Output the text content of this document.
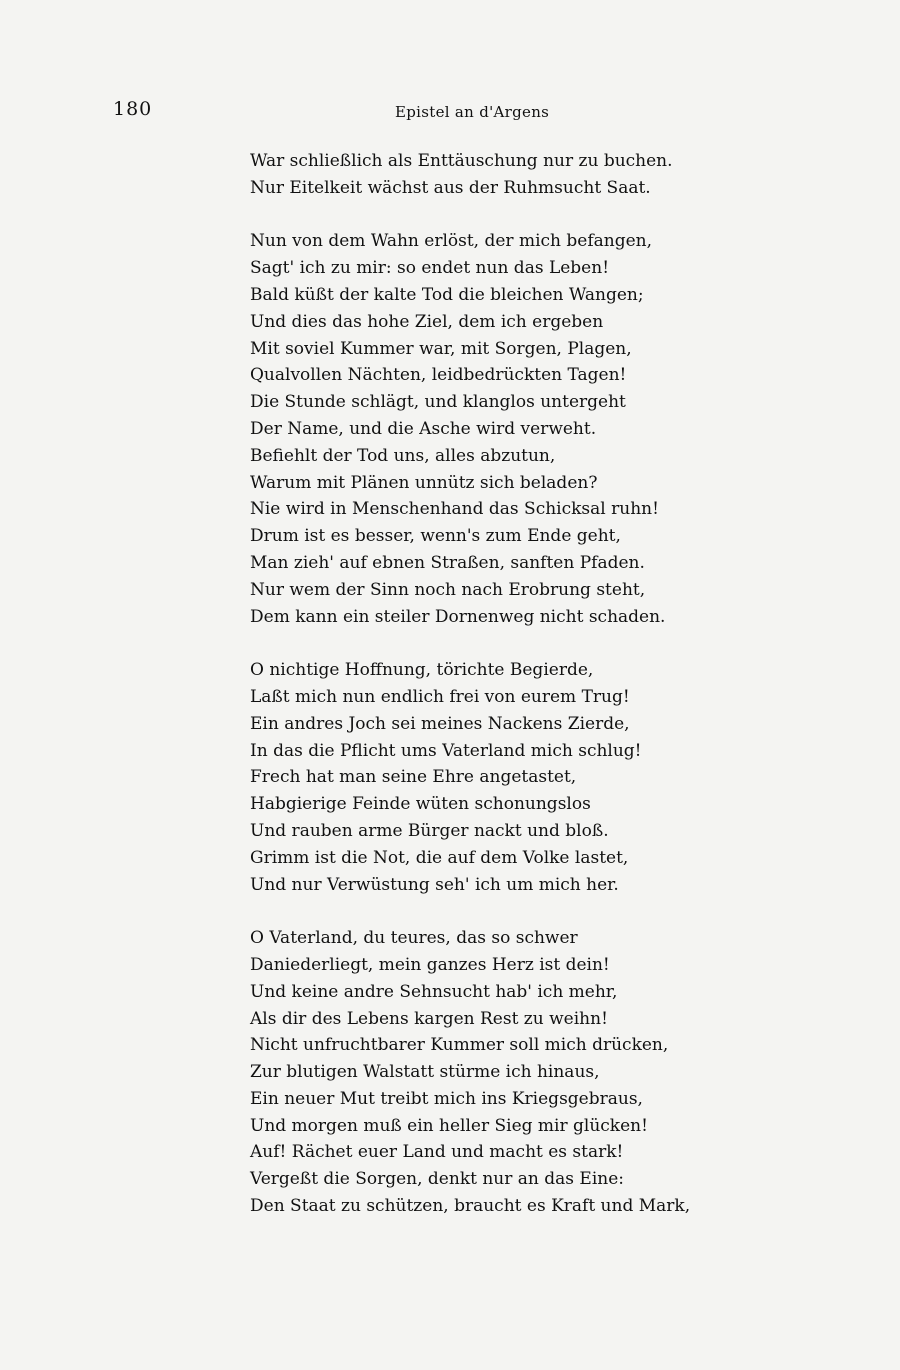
180	Epistel an d'Argens
War schließlich als Enttäuschung nur zu buchen.
Nur Eitelkeit wächst aus der Ruhmsucht Saat.
Nun von dem Wahn erlöst, der mich befangen,
Sagt' ich zu mir: so endet nun das Leben!
Bald küßt der kalte Tod die bleichen Wangen;
Und dies das hohe Ziel, dem ich ergeben
Mit soviel Kummer war, mit Sorgen, Plagen,
Qualvollen Nächten, leidbedrückten Tagen!
Die Stunde schlägt, und klanglos untergeht
Der Name, und die Asche wird verweht.
Befiehlt der Tod uns, alles abzutun,
Warum mit Plänen unnütz sich beladen?
Nie wird in Menschenhand das Schicksal ruhn!
Drum ist es besser, wenn's zum Ende geht,
Man zieh' auf ebnen Straßen, sanften Pfaden.
Nur wem der Sinn noch nach Erobrung steht,
Dem kann ein steiler Dornenweg nicht schaden.
O nichtige Hoffnung, törichte Begierde,
Laßt mich nun endlich frei von eurem Trug!
Ein andres Joch sei meines Nackens Zierde,
In das die Pflicht ums Vaterland mich schlug!
Frech hat man seine Ehre angetastet,
Habgierige Feinde wüten schonungslos
Und rauben arme Bürger nackt und bloß.
Grimm ist die Not, die auf dem Volke lastet,
Und nur Verwüstung seh' ich um mich her.
O Vaterland, du teures, das so schwer
Daniederliegt, mein ganzes Herz ist dein!
Und keine andre Sehnsucht hab' ich mehr,
Als dir des Lebens kargen Rest zu weihn!
Nicht unfruchtbarer Kummer soll mich drücken,
Zur blutigen Walstatt stürme ich hinaus,
Ein neuer Mut treibt mich ins Kriegsgebraus,
Und morgen muß ein heller Sieg mir glücken!
Auf! Rächet euer Land und macht es stark!
Vergeßt die Sorgen, denkt nur an das Eine:
Den Staat zu schützen, braucht es Kraft und Mark,
